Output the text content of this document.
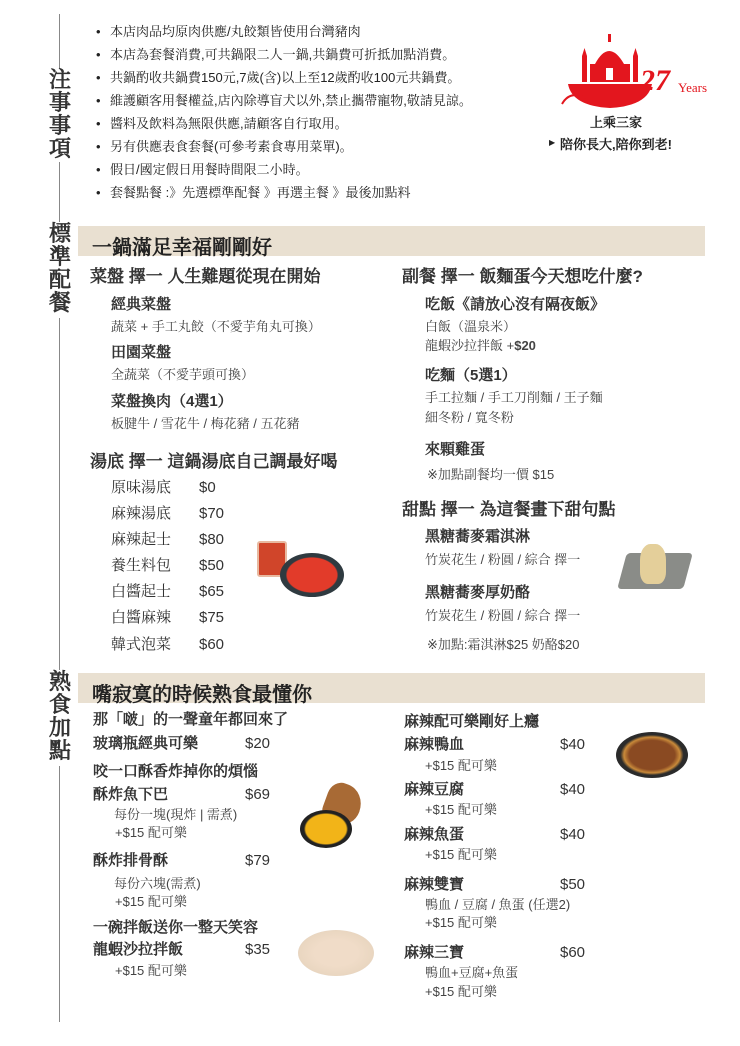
注事事項
標準配餐
熟食加點
• 本店肉品均原肉供應/丸餃類皆使用台灣豬肉
• 本店為套餐消費,可共鍋限二人一鍋,共鍋費可折抵加點消費。
• 共鍋酌收共鍋費150元,7歲(含)以上至12歲酌收100元共鍋費。
• 維護顧客用餐權益,店內除導盲犬以外,禁止攜帶寵物,敬請見諒。
• 醬料及飲料為無限供應,請顧客自行取用。
• 另有供應表食套餐(可參考素食專用菜單)。
• 假日/國定假日用餐時間限二小時。
• 套餐點餐 :》先選標準配餐 》再選主餐 》最後加點料
27 Years
上乘三家
▶ 陪你長大,陪你到老!
一鍋滿足幸福剛剛好
菜盤 擇一 人生難題從現在開始
經典菜盤
蔬菜 + 手工丸餃（不愛芋角丸可換）
田園菜盤
全蔬菜（不愛芋頭可換）
菜盤換肉（4選1）
板腱牛 / 雪花牛 / 梅花豬 / 五花豬
湯底 擇一 這鍋湯底自己調最好喝
原味湯底 $0
麻辣湯底 $70
麻辣起士 $80
養生料包 $50
白醬起士 $65
白醬麻辣 $75
韓式泡菜 $60
副餐 擇一 飯麵蛋今天想吃什麼?
吃飯《請放心沒有隔夜飯》
白飯（溫泉米）
龍蝦沙拉拌飯 +$20
吃麵（5選1）
手工拉麵 / 手工刀削麵 / 王子麵
細冬粉 / 寬冬粉
來顆雞蛋
※加點副餐均一價 $15
甜點 擇一 為這餐畫下甜句點
黑糖蕎麥霜淇淋
竹炭花生 / 粉圓 / 綜合 擇一
黑糖蕎麥厚奶酪
竹炭花生 / 粉圓 / 綜合 擇一
※加點:霜淇淋$25 奶酪$20
嘴寂寞的時候熟食最懂你
那「啵」的一聲童年都回來了
玻璃瓶經典可樂	$20
咬一口酥香炸掉你的煩惱
酥炸魚下巴	$69
每份一塊(現炸 | 需煮)
+$15 配可樂
酥炸排骨酥	$79
每份六塊(需煮)
+$15 配可樂
一碗拌飯送你一整天笑容
龍蝦沙拉拌飯	$35
+$15 配可樂
麻辣配可樂剛好上癮
麻辣鴨血	$40
+$15 配可樂
麻辣豆腐	$40
+$15 配可樂
麻辣魚蛋	$40
+$15 配可樂
麻辣雙寶	$50
鴨血 / 豆腐 / 魚蛋 (任選2)
+$15 配可樂
麻辣三寶	$60
鴨血+豆腐+魚蛋
+$15 配可樂
